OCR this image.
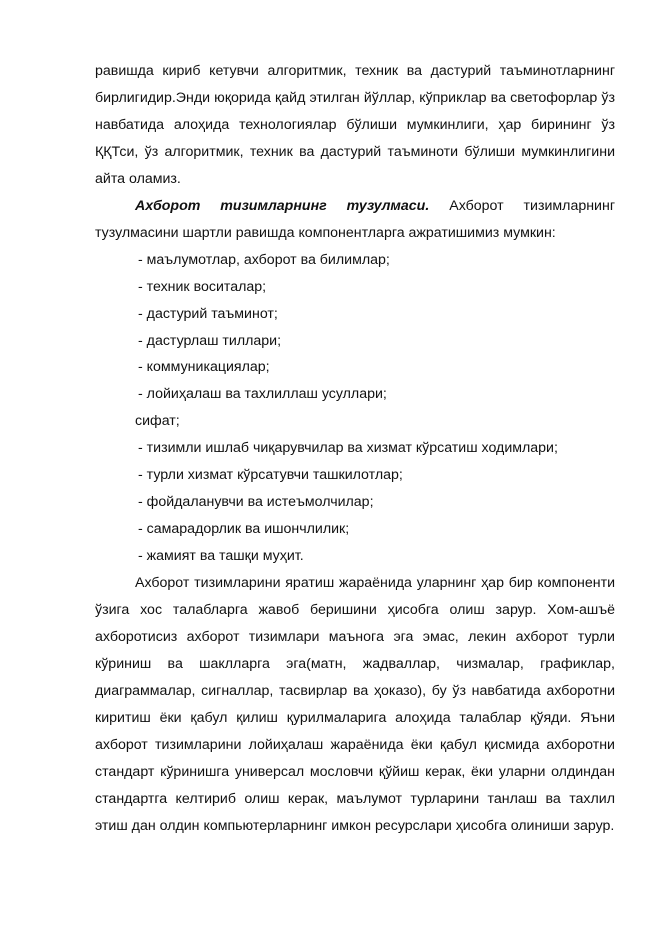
равишда кириб кетувчи алгоритмик, техник ва дастурий таъминотларнинг бирлигидир.Энди юқорида қайд этилган йўллар, кўприклар ва светофорлар ўз навбатида алоҳида технологиялар бўлиши мумкинлиги, ҳар бирининг ўз ҚҚТси, ўз алгоритмик, техник ва дастурий таъминоти бўлиши мумкинлигини айта оламиз.

Ахборот тизимларнинг тузулмаси. Ахборот тизимларнинг тузулмасини шартли равишда компонентларга ажратишимиз мумкин:

- маълумотлар, ахборот ва билимлар;

- техник воситалар;

- дастурий таъминот;

- дастурлаш тиллари;

- коммуникациялар;

- лойиҳалаш ва тахлиллаш усуллари;

сифат;

- тизимли ишлаб чиқарувчилар ва хизмат кўрсатиш ходимлари;

- турли хизмат кўрсатувчи ташкилотлар;

- фойдаланувчи ва истеъмолчилар;

- самарадорлик ва ишончлилик;

- жамият ва ташқи муҳит.

Ахборот тизимларини яратиш жараёнида уларнинг ҳар бир компоненти ўзига хос талабларга жавоб беришини ҳисобга олиш зарур. Хом-ашъё ахборотисиз ахборот тизимлари маъногa эга эмас, лекин ахборот турли кўриниш ва шаклларга эга(матн, жадваллар, чизмалар, графиклар, диаграммалар, сигналлар, тасвирлар ва ҳоказо), бу ўз навбатида ахборотни киритиш ёки қабул қилиш қурилмаларига алоҳида талаблар қўяди. Яъни ахборот тизимларини лойиҳалаш жараёнида ёки қабул қисмида ахборотни стандарт кўринишга универсал мословчи қўйиш керак, ёки уларни олдиндан стандартга келтириб олиш керак, маълумот турларини танлаш ва тахлил этиш дан олдин компьютерларнинг имкон ресурслари ҳисобга олиниши зарур.
